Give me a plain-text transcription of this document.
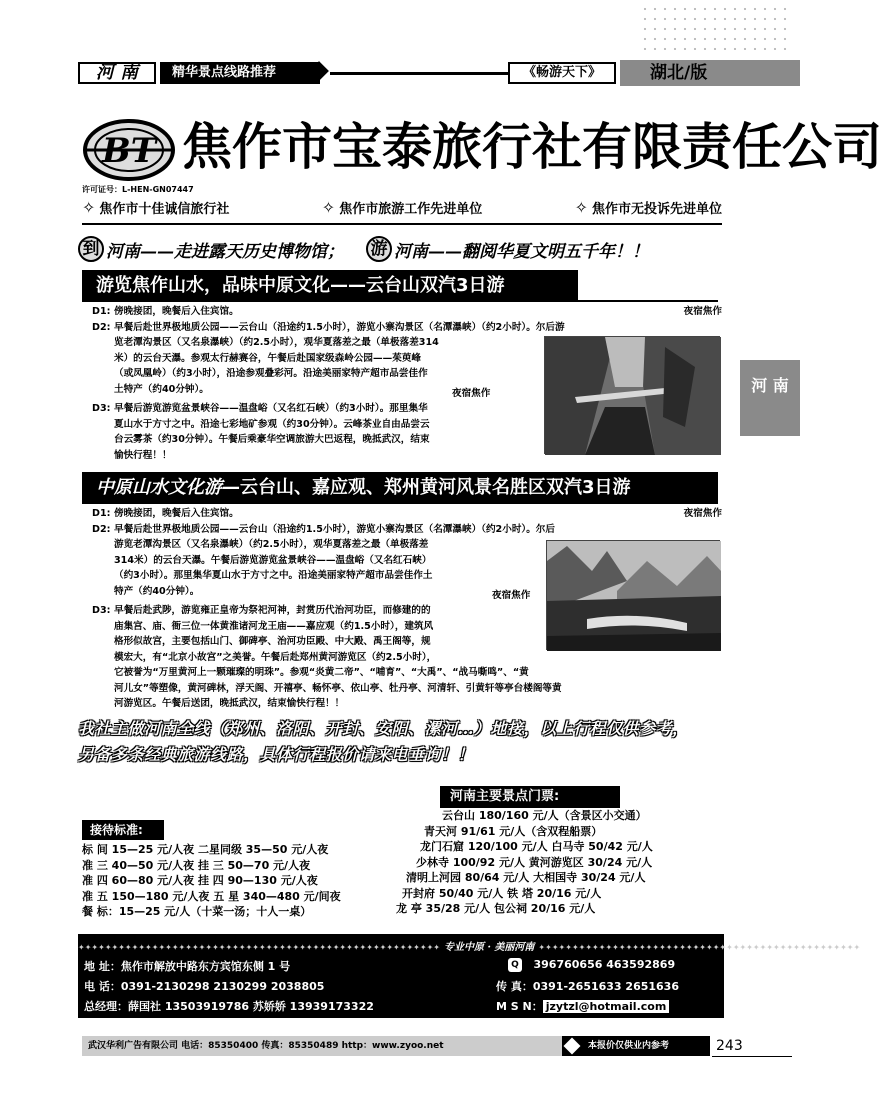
河 南	精华景点线路推荐	《畅游天下》	湖北/版
BT 焦作市宝泰旅行社有限责任公司
许可证号：L-HEN-GN07447
✧ 焦作市十佳诚信旅行社	✧ 焦作市旅游工作先进单位	✧ 焦作市无投诉先进单位
到 河南——走进露天历史博物馆； 游 河南——翻阅华夏文明五千年！！
游览焦作山水，品味中原文化——云台山双汽3日游
D1: 傍晚接团，晚餐后入住宾馆。	夜宿焦作
D2: 早餐后赴世界极地质公园——云台山（沿途约1.5小时），游览小寨沟景区（名潭瀑峡）（约2小时）。尔后游
览老潭沟景区（又名泉瀑峡）（约2.5小时），观华夏落差之最（单极落差314
米）的云台天瀑。参观太行赫赛谷，午餐后赴国家级森岭公园——茱萸峰
（或凤凰岭）（约3小时），沿途参观叠彩河。沿途美丽家特产超市品尝佳作
土特产（约40分钟）。	夜宿焦作
D3: 早餐后游览游览盆景峡谷——温盘峪（又名红石峡）（约3小时）。那里集华
夏山水于方寸之中。沿途七彩地矿参观（约30分钟）。云峰茶业自由品尝云
台云雾茶（约30分钟）。午餐后乘豪华空调旅游大巴返程，晚抵武汉，结束
愉快行程！！
河 南
中原山水文化游—云台山、嘉应观、郑州黄河风景名胜区双汽3日游
D1: 傍晚接团，晚餐后入住宾馆。	夜宿焦作
D2: 早餐后赴世界极地质公园——云台山（沿途约1.5小时），游览小寨沟景区（名潭瀑峡）（约2小时）。尔后
游览老潭沟景区（又名泉瀑峡）（约2.5小时），观华夏落差之最（单极落差
314米）的云台天瀑。午餐后游览游览盆景峡谷——温盘峪（又名红石峡）
（约3小时）。那里集华夏山水于方寸之中。沿途美丽家特产超市品尝佳作土
特产（约40分钟）。	夜宿焦作
D3: 早餐后赴武陟，游览雍正皇帝为祭祀河神，封赏历代治河功臣，而修建的的
庙集宫、庙、衙三位一体黄淮诸河龙王庙——嘉应观（约1.5小时），建筑风
格形似故宫，主要包括山门、御碑亭、治河功臣殿、中大殿、禹王阁等，规
模宏大，有“北京小故宫”之美誉。午餐后赴郑州黄河游览区（约2.5小时），
它被誉为“万里黄河上一颗璀璨的明珠”。参观“炎黄二帝”、“哺育”、“大禹”、“战马嘶鸣”、“黄
河儿女”等塑像，黄河碑林，浮天阁、开禧亭、畅怀亭、依山亭、牡丹亭、河清轩、引黄轩等亭台楼阁等黄
河游览区。午餐后送团，晚抵武汉，结束愉快行程！！
我社主做河南全线（郑州、洛阳、开封、安阳、漯河…）地接，以上行程仅供参考，
另备多条经典旅游线路，具体行程报价请来电垂询！！
接待标准:
标 间 15—25 元/人夜 二星同级 35—50 元/人夜
准 三 40—50 元/人夜 挂 三 50—70 元/人夜
准 四 60—80 元/人夜 挂 四 90—130 元/人夜
准 五 150—180 元/人夜 五 星 340—480 元/间夜
餐 标：15—25 元/人（十菜一汤；十人一桌）
河南主要景点门票:
云台山 180/160 元/人（含景区小交通）
青天河 91/61 元/人（含双程船票）
龙门石窟 120/100 元/人 白马寺 50/42 元/人
少林寺 100/92 元/人 黄河游览区 30/24 元/人
清明上河园 80/64 元/人 大相国寺 30/24 元/人
开封府 50/40 元/人 铁 塔 20/16 元/人
龙 亭 35/28 元/人 包公祠 20/16 元/人
✦✦✦✦✦✦✦✦✦✦✦✦✦✦✦✦✦✦✦✦✦✦✦✦✦✦✦✦✦✦✦✦✦✦✦✦✦✦✦✦✦✦✦✦✦✦✦✦✦✦✦✦✦✦ 专业中原 · 美丽河南 ✦✦✦✦✦✦✦✦✦✦✦✦✦✦✦✦✦✦✦✦✦✦✦✦✦✦✦✦✦✦✦✦✦✦✦✦✦✦✦✦✦✦✦✦✦✦✦✦
地 址：焦作市解放中路东方宾馆东侧 1 号
电 话：0391-2130298 2130299 2038805
总经理：薛国社 13503919786 苏娇娇 13939173322
Q 396760656 463592869
传 真：0391-2651633 2651636
M S N： jzytzl@hotmail.com
武汉华利广告有限公司 电话：85350400 传真：85350489 http：www.zyoo.net	本报价仅供业内参考	243
